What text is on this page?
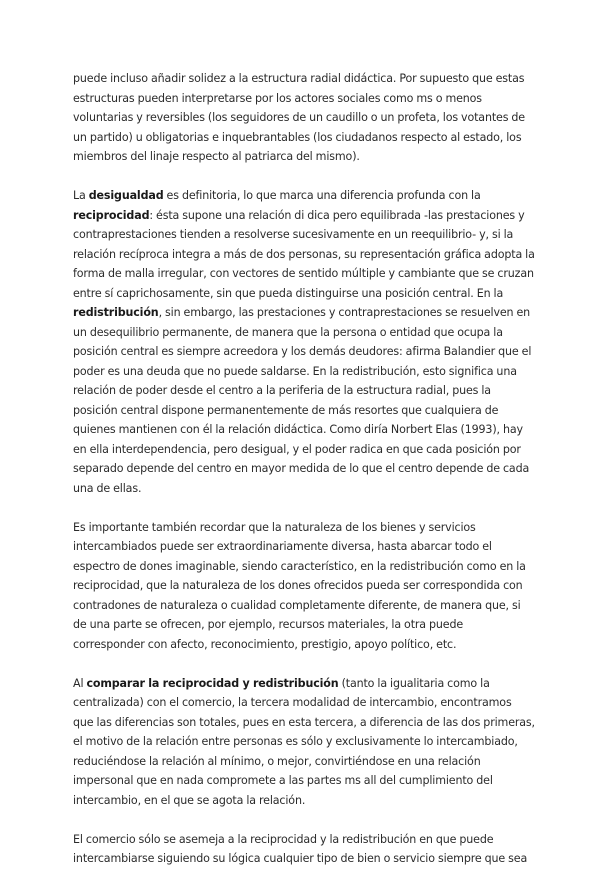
puede incluso añadir solidez a la estructura radial didáctica. Por supuesto que estas estructuras pueden interpretarse por los actores sociales como ms o menos voluntarias y reversibles (los seguidores de un caudillo o un profeta, los votantes de un partido) u obligatorias e inquebrantables (los ciudadanos respecto al estado, los miembros del linaje respecto al patriarca del mismo).

La desigualdad es definitoria, lo que marca una diferencia profunda con la reciprocidad: ésta supone una relación di dica pero equilibrada -las prestaciones y contraprestaciones tienden a resolverse sucesivamente en un reequilibrio- y, si la relación recíproca integra a más de dos personas, su representación gráfica adopta la forma de malla irregular, con vectores de sentido múltiple y cambiante que se cruzan entre sí caprichosamente, sin que pueda distinguirse una posición central. En la redistribución, sin embargo, las prestaciones y contraprestaciones se resuelven en un desequilibrio permanente, de manera que la persona o entidad que ocupa la posición central es siempre acreedora y los demás deudores: afirma Balandier que el poder es una deuda que no puede saldarse. En la redistribución, esto significa una relación de poder desde el centro a la periferia de la estructura radial, pues la posición central dispone permanentemente de más resortes que cualquiera de quienes mantienen con él la relación didáctica. Como diría Norbert Elas (1993), hay en ella interdependencia, pero desigual, y el poder radica en que cada posición por separado depende del centro en mayor medida de lo que el centro depende de cada una de ellas.

Es importante también recordar que la naturaleza de los bienes y servicios intercambiados puede ser extraordinariamente diversa, hasta abarcar todo el espectro de dones imaginable, siendo característico, en la redistribución como en la reciprocidad, que la naturaleza de los dones ofrecidos pueda ser correspondida con contradones de naturaleza o cualidad completamente diferente, de manera que, si de una parte se ofrecen, por ejemplo, recursos materiales, la otra puede corresponder con afecto, reconocimiento, prestigio, apoyo político, etc.

Al comparar la reciprocidad y redistribución (tanto la igualitaria como la centralizada) con el comercio, la tercera modalidad de intercambio, encontramos que las diferencias son totales, pues en esta tercera, a diferencia de las dos primeras, el motivo de la relación entre personas es sólo y exclusivamente lo intercambiado, reduciéndose la relación al mínimo, o mejor, convirtiéndose en una relación impersonal que en nada compromete a las partes ms all del cumplimiento del intercambio, en el que se agota la relación.

El comercio sólo se asemeja a la reciprocidad y la redistribución en que puede intercambiarse siguiendo su lógica cualquier tipo de bien o servicio siempre que sea
